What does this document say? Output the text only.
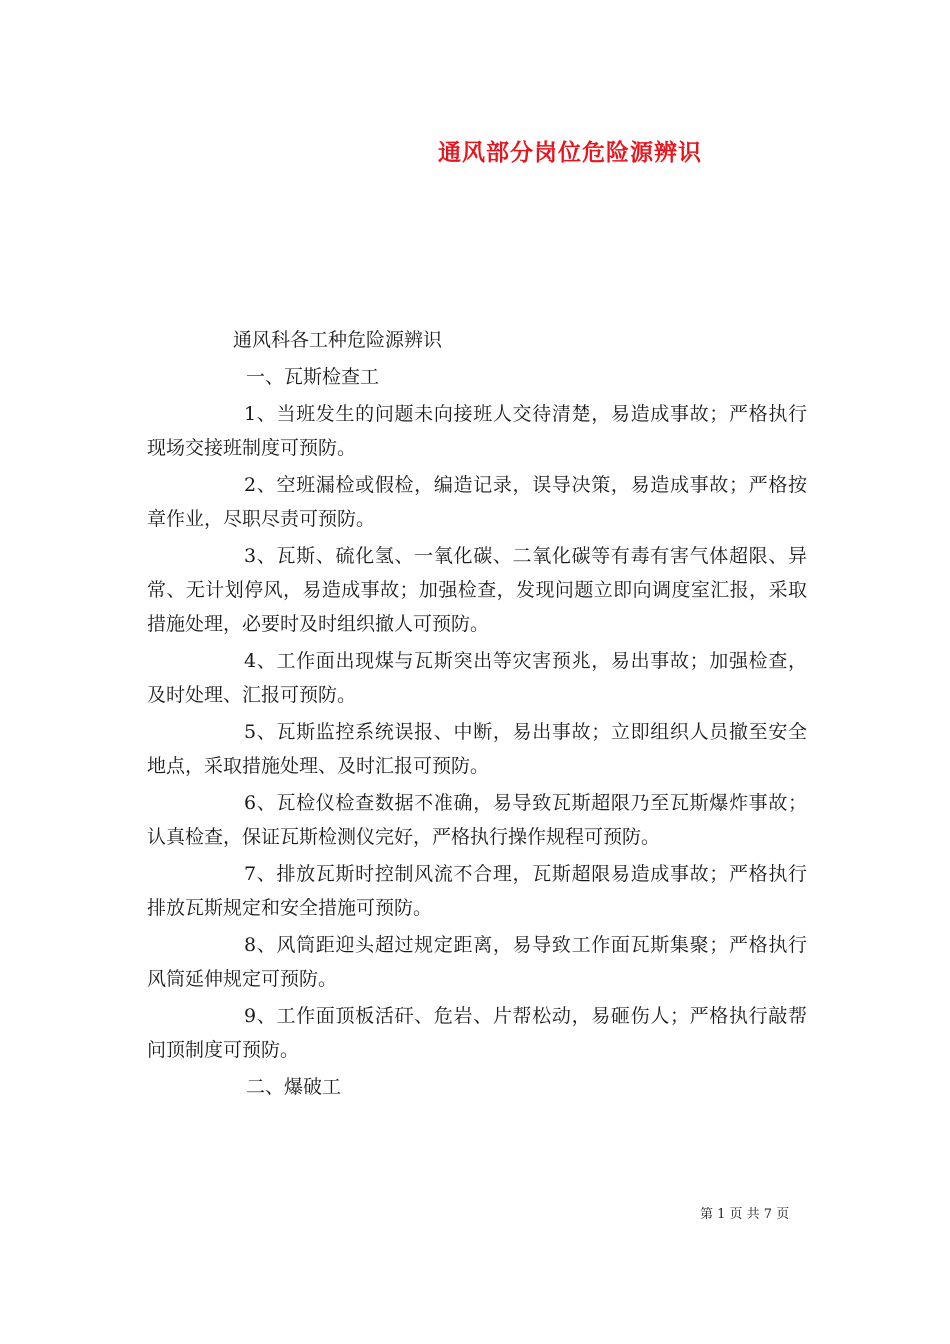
通风部分岗位危险源辨识

通风科各工种危险源辨识

一、瓦斯检查工

1、当班发生的问题未向接班人交待清楚，易造成事故；严格执行现场交接班制度可预防。

2、空班漏检或假检，编造记录，误导决策，易造成事故；严格按章作业，尽职尽责可预防。

3、瓦斯、硫化氢、一氧化碳、二氧化碳等有毒有害气体超限、异常、无计划停风，易造成事故；加强检查，发现问题立即向调度室汇报，采取措施处理，必要时及时组织撤人可预防。

4、工作面出现煤与瓦斯突出等灾害预兆，易出事故；加强检查，及时处理、汇报可预防。

5、瓦斯监控系统误报、中断，易出事故；立即组织人员撤至安全地点，采取措施处理、及时汇报可预防。

6、瓦检仪检查数据不准确，易导致瓦斯超限乃至瓦斯爆炸事故；认真检查，保证瓦斯检测仪完好，严格执行操作规程可预防。

7、排放瓦斯时控制风流不合理，瓦斯超限易造成事故；严格执行排放瓦斯规定和安全措施可预防。

8、风筒距迎头超过规定距离，易导致工作面瓦斯集聚；严格执行风筒延伸规定可预防。

9、工作面顶板活矸、危岩、片帮松动，易砸伤人；严格执行敲帮问顶制度可预防。

二、爆破工

第 1 页 共 7 页
